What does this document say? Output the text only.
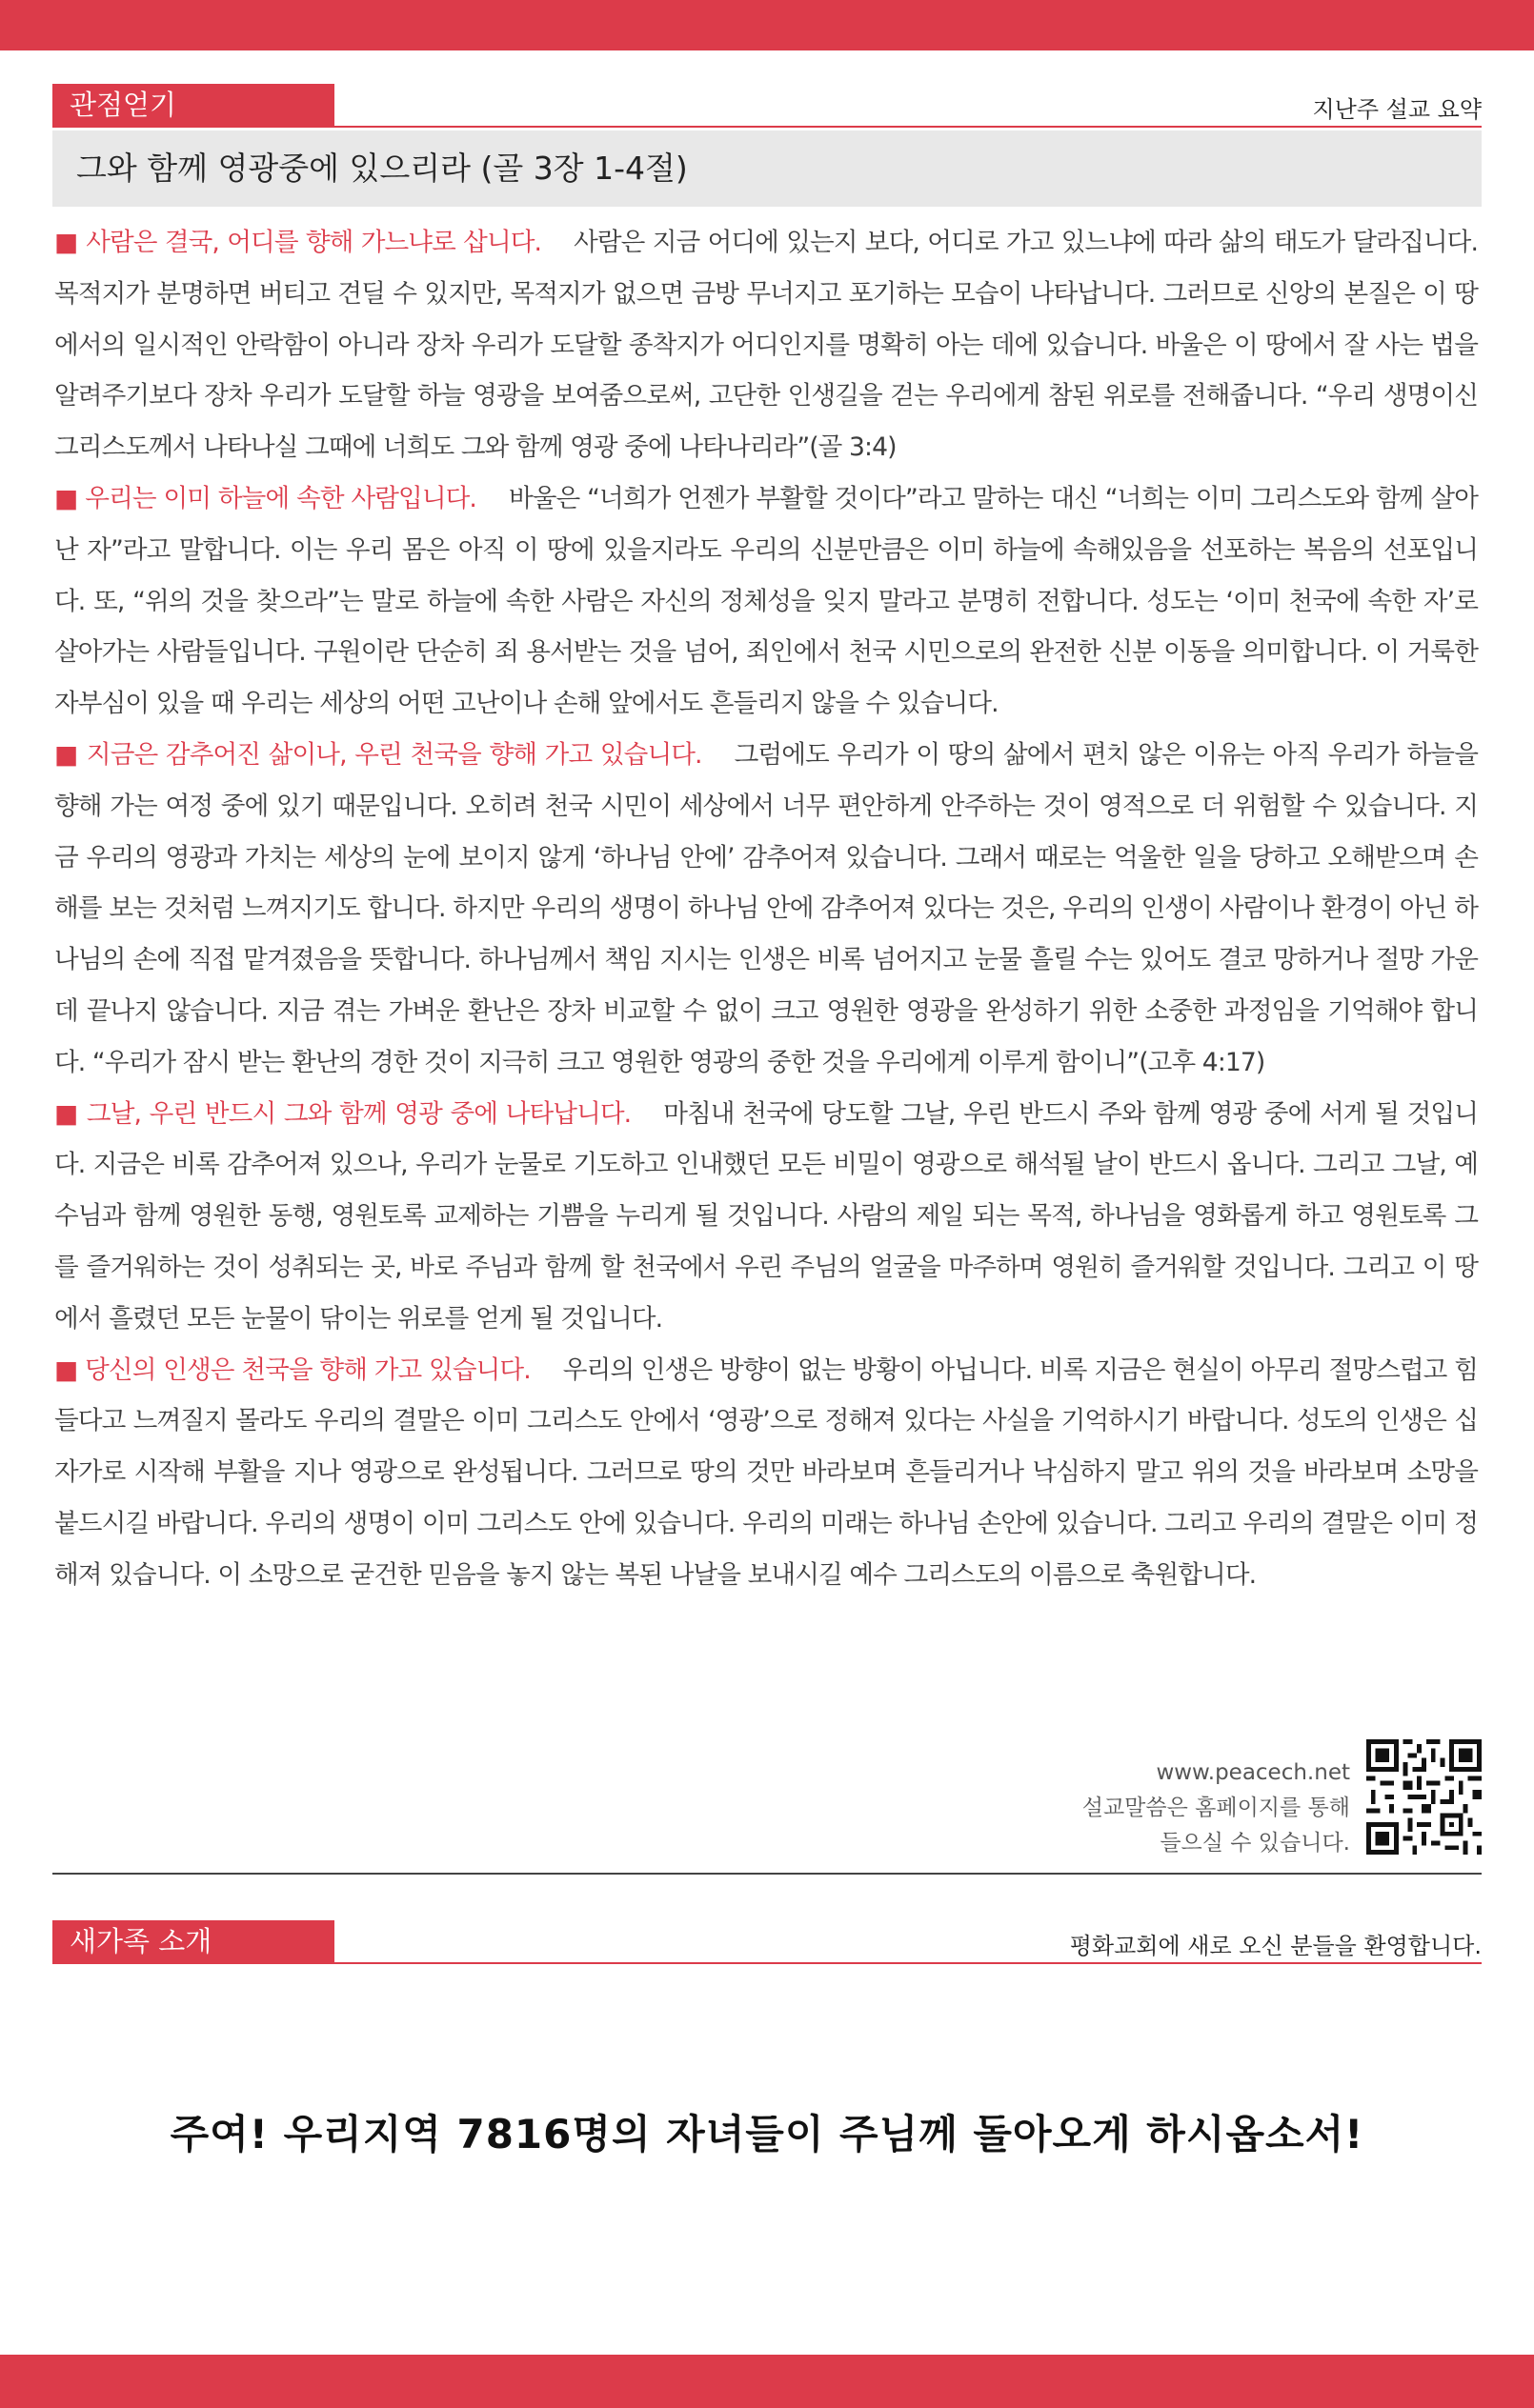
관점얻기	지난주 설교 요약
그와 함께 영광중에 있으리라 (골 3장 1-4절)

■ 사람은 결국, 어디를 향해 가느냐로 삽니다. 사람은 지금 어디에 있는지 보다, 어디로 가고 있느냐에 따라 삶의 태도가 달라집니다. 목적지가 분명하면 버티고 견딜 수 있지만, 목적지가 없으면 금방 무너지고 포기하는 모습이 나타납니다. 그러므로 신앙의 본질은 이 땅에서의 일시적인 안락함이 아니라 장차 우리가 도달할 종착지가 어디인지를 명확히 아는 데에 있습니다. 바울은 이 땅에서 잘 사는 법을 알려주기보다 장차 우리가 도달할 하늘 영광을 보여줌으로써, 고단한 인생길을 걷는 우리에게 참된 위로를 전해줍니다. “우리 생명이신 그리스도께서 나타나실 그때에 너희도 그와 함께 영광 중에 나타나리라”(골 3:4)

■ 우리는 이미 하늘에 속한 사람입니다. 바울은 “너희가 언젠가 부활할 것이다”라고 말하는 대신 “너희는 이미 그리스도와 함께 살아난 자”라고 말합니다. 이는 우리 몸은 아직 이 땅에 있을지라도 우리의 신분만큼은 이미 하늘에 속해있음을 선포하는 복음의 선포입니다. 또, “위의 것을 찾으라”는 말로 하늘에 속한 사람은 자신의 정체성을 잊지 말라고 분명히 전합니다. 성도는 ‘이미 천국에 속한 자’로 살아가는 사람들입니다. 구원이란 단순히 죄 용서받는 것을 넘어, 죄인에서 천국 시민으로의 완전한 신분 이동을 의미합니다. 이 거룩한 자부심이 있을 때 우리는 세상의 어떤 고난이나 손해 앞에서도 흔들리지 않을 수 있습니다.

■ 지금은 감추어진 삶이나, 우린 천국을 향해 가고 있습니다. 그럼에도 우리가 이 땅의 삶에서 편치 않은 이유는 아직 우리가 하늘을 향해 가는 여정 중에 있기 때문입니다. 오히려 천국 시민이 세상에서 너무 편안하게 안주하는 것이 영적으로 더 위험할 수 있습니다. 지금 우리의 영광과 가치는 세상의 눈에 보이지 않게 ‘하나님 안에’ 감추어져 있습니다. 그래서 때로는 억울한 일을 당하고 오해받으며 손해를 보는 것처럼 느껴지기도 합니다. 하지만 우리의 생명이 하나님 안에 감추어져 있다는 것은, 우리의 인생이 사람이나 환경이 아닌 하나님의 손에 직접 맡겨졌음을 뜻합니다. 하나님께서 책임 지시는 인생은 비록 넘어지고 눈물 흘릴 수는 있어도 결코 망하거나 절망 가운데 끝나지 않습니다. 지금 겪는 가벼운 환난은 장차 비교할 수 없이 크고 영원한 영광을 완성하기 위한 소중한 과정임을 기억해야 합니다. “우리가 잠시 받는 환난의 경한 것이 지극히 크고 영원한 영광의 중한 것을 우리에게 이루게 함이니”(고후 4:17)

■ 그날, 우린 반드시 그와 함께 영광 중에 나타납니다. 마침내 천국에 당도할 그날, 우린 반드시 주와 함께 영광 중에 서게 될 것입니다. 지금은 비록 감추어져 있으나, 우리가 눈물로 기도하고 인내했던 모든 비밀이 영광으로 해석될 날이 반드시 옵니다. 그리고 그날, 예수님과 함께 영원한 동행, 영원토록 교제하는 기쁨을 누리게 될 것입니다. 사람의 제일 되는 목적, 하나님을 영화롭게 하고 영원토록 그를 즐거워하는 것이 성취되는 곳, 바로 주님과 함께 할 천국에서 우린 주님의 얼굴을 마주하며 영원히 즐거워할 것입니다. 그리고 이 땅에서 흘렸던 모든 눈물이 닦이는 위로를 얻게 될 것입니다.

■ 당신의 인생은 천국을 향해 가고 있습니다. 우리의 인생은 방향이 없는 방황이 아닙니다. 비록 지금은 현실이 아무리 절망스럽고 힘들다고 느껴질지 몰라도 우리의 결말은 이미 그리스도 안에서 ‘영광’으로 정해져 있다는 사실을 기억하시기 바랍니다. 성도의 인생은 십자가로 시작해 부활을 지나 영광으로 완성됩니다. 그러므로 땅의 것만 바라보며 흔들리거나 낙심하지 말고 위의 것을 바라보며 소망을 붙드시길 바랍니다. 우리의 생명이 이미 그리스도 안에 있습니다. 우리의 미래는 하나님 손안에 있습니다. 그리고 우리의 결말은 이미 정해져 있습니다. 이 소망으로 굳건한 믿음을 놓지 않는 복된 나날을 보내시길 예수 그리스도의 이름으로 축원합니다.

www.peacech.net
설교말씀은 홈페이지를 통해
들으실 수 있습니다.
새가족 소개	평화교회에 새로 오신 분들을 환영합니다.
주여! 우리지역 7816명의 자녀들이 주님께 돌아오게 하시옵소서!
